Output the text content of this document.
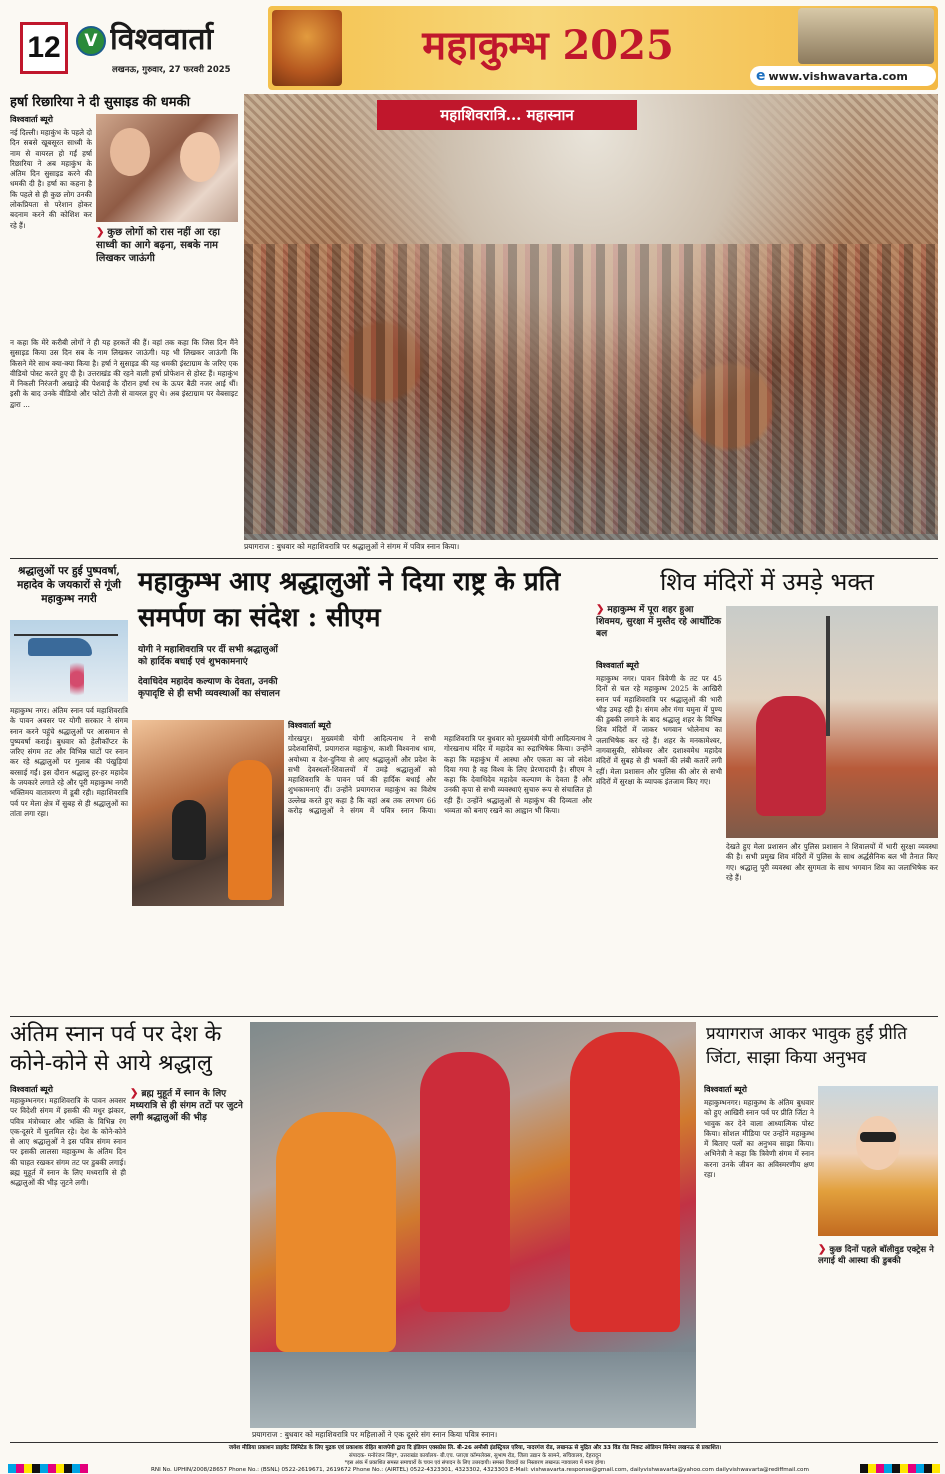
12	V विश्ववार्ता
लखनऊ, गुरुवार, 27 फरवरी 2025
महाकुम्भ 2025
e www.vishwavarta.com
हर्षा रिछारिया ने दी सुसाइड की धमकी
विश्ववार्ता ब्यूरो
नई दिल्ली। महाकुंभ के पहले दो दिन सबसे खूबसूरत साध्वी के नाम से वायरल हो गईं हर्षा रिछारिया ने अब महाकुंभ के अंतिम दिन सुसाइड करने की धमकी दी है। हर्षा का कहना है कि पहले से ही कुछ लोग उनकी लोकप्रियता से परेशान होकर बदनाम करने की कोशिश कर रहे हैं।
❯ कुछ लोगों को रास नहीं आ रहा साध्वी का आगे बढ़ना, सबके नाम लिखकर जाऊंगी
न कहा कि मेरे करीबी लोगों ने ही यह हरकतें की हैं। वहां तक कहा कि जिस दिन मैंने सुसाइड किया उस दिन सब के नाम लिखकर जाऊंगी। यह भी लिखकर जाऊंगी कि किसने मेरे साथ क्या-क्या किया है। हर्षा ने सुसाइड की यह धमकी इंस्टाग्राम के जरिए एक वीडियो पोस्ट करते हुए दी है। उत्तराखंड की रहने वाली हर्षा प्रोफेशन से होस्ट हैं। महाकुंभ में निकली निरंजनी अखाड़े की पेशवाई के दौरान हर्षा रथ के ऊपर बैठी नजर आई थीं। इसी के बाद उनके वीडियो और फोटो तेजी से वायरल हुए थे। अब इंस्टाग्राम पर वेबसाइट द्वारा ...
महाशिवरात्रि... महास्नान
प्रयागराज : बुधवार को महाशिवरात्रि पर श्रद्धालुओं ने संगम में पवित्र स्नान किया।
श्रद्धालुओं पर हुई पुष्पवर्षा, महादेव के जयकारों से गूंजी महाकुम्भ नगरी
महाकुम्भ नगर। अंतिम स्नान पर्व महाशिवरात्रि के पावन अवसर पर योगी सरकार ने संगम स्नान करने पहुंचे श्रद्धालुओं पर आसमान से पुष्पवर्षा कराई। बुधवार को हेलीकॉप्टर के जरिए संगम तट और विभिन्न घाटों पर स्नान कर रहे श्रद्धालुओं पर गुलाब की पंखुड़ियां बरसाई गईं। इस दौरान श्रद्धालु हर-हर महादेव के जयकारे लगाते रहे और पूरी महाकुम्भ नगरी भक्तिमय वातावरण में डूबी रही। महाशिवरात्रि पर्व पर मेला क्षेत्र में सुबह से ही श्रद्धालुओं का तांता लगा रहा।
महाकुम्भ आए श्रद्धालुओं ने दिया राष्ट्र के प्रति समर्पण का संदेश : सीएम
योगी ने महाशिवरात्रि पर दीं सभी श्रद्धालुओं को हार्दिक बधाई एवं शुभकामनाएं
देवाधिदेव महादेव कल्याण के देवता, उनकी कृपादृष्टि से ही सभी व्यवस्थाओं का संचालन
विश्ववार्ता ब्यूरो
गोरखपुर। मुख्यमंत्री योगी आदित्यनाथ ने सभी प्रदेशवासियों, प्रयागराज महाकुंभ, काशी विश्वनाथ धाम, अयोध्या व देश-दुनिया से आए श्रद्धालुओं और प्रदेश के सभी देवस्थलों-शिवालयों में उमड़े श्रद्धालुओं को महाशिवरात्रि के पावन पर्व की हार्दिक बधाई और शुभकामनाएं दीं। उन्होंने प्रयागराज महाकुंभ का विशेष उल्लेख करते हुए कहा है कि वहां अब तक लगभग 66 करोड़ श्रद्धालुओं ने संगम में पवित्र स्नान किया। महाशिवरात्रि पर बुधवार को मुख्यमंत्री योगी आदित्यनाथ ने गोरखनाथ मंदिर में महादेव का रुद्राभिषेक किया। उन्होंने कहा कि महाकुंभ में आस्था और एकता का जो संदेश दिया गया है वह विश्व के लिए प्रेरणादायी है। सीएम ने कहा कि देवाधिदेव महादेव कल्याण के देवता हैं और उनकी कृपा से सभी व्यवस्थाएं सुचारु रूप से संचालित हो रही हैं। उन्होंने श्रद्धालुओं से महाकुंभ की दिव्यता और भव्यता को बनाए रखने का आह्वान भी किया।
शिव मंदिरों में उमड़े भक्त
❯ महाकुम्भ में पूरा शहर हुआ शिवमय, सुरक्षा में मुस्तैद रहे आर्थोंटिक बल
विश्ववार्ता ब्यूरो
महाकुम्भ नगर। पावन त्रिवेणी के तट पर 45 दिनों से चल रहे महाकुम्भ 2025 के आखिरी स्नान पर्व महाशिवरात्रि पर श्रद्धालुओं की भारी भीड़ उमड़ रही है। संगम और गंगा यमुना में पुण्य की डुबकी लगाने के बाद श्रद्धालु शहर के विभिन्न शिव मंदिरों में जाकर भगवान भोलेनाथ का जलाभिषेक कर रहे हैं। शहर के मनकामेश्वर, नागवासुकी, सोमेश्वर और दशाश्वमेध महादेव मंदिरों में सुबह से ही भक्तों की लंबी कतारें लगी रहीं। मेला प्रशासन और पुलिस की ओर से सभी मंदिरों में सुरक्षा के व्यापक इंतजाम किए गए।
देखते हुए मेला प्रशासन और पुलिस प्रशासन ने शिवालयों में भारी सुरक्षा व्यवस्था की है। सभी प्रमुख शिव मंदिरों में पुलिस के साथ अर्द्धसैनिक बल भी तैनात किए गए। श्रद्धालु पूरी व्यवस्था और सुगमता के साथ भगवान शिव का जलाभिषेक कर रहे हैं।
अंतिम स्नान पर्व पर देश के कोने-कोने से आये श्रद्धालु
विश्ववार्ता ब्यूरो
महाकुम्भनगर। महाशिवरात्रि के पावन अवसर पर विदेशी संगम में इसकी की मधुर झंकार, पवित्र मंत्रोच्चार और भक्ति के विभिन्न रंग एक-दूसरे में घुलमिल रहे। देश के कोने-कोने से आए श्रद्धालुओं ने इस पवित्र संगम स्नान पर इसकी लालसा महाकुम्भ के अंतिम दिन की चाहत रखकर संगम तट पर डुबकी लगाई। ब्रह्म मुहूर्त में स्नान के लिए मध्यरात्रि से ही श्रद्धालुओं की भीड़ जुटने लगी।
❯ ब्रह्म मुहूर्त में स्नान के लिए मध्यरात्रि से ही संगम तटों पर जुटने लगी श्रद्धालुओं की भीड़
प्रयागराज : बुधवार को महाशिवरात्रि पर महिलाओं ने एक दूसरे संग स्नान किया पवित्र स्नान।
प्रयागराज आकर भावुक हुईं प्रीति जिंटा, साझा किया अनुभव
विश्ववार्ता ब्यूरो
महाकुम्भनगर। महाकुम्भ के अंतिम बुधवार को हुए आखिरी स्नान पर्व पर प्रीति जिंटा ने भावुक कर देने वाला आध्यात्मिक पोस्ट किया। सोशल मीडिया पर उन्होंने महाकुम्भ में बिताए पलों का अनुभव साझा किया। अभिनेत्री ने कहा कि त्रिवेणी संगम में स्नान करना उनके जीवन का अविस्मरणीय क्षण रहा।
❯ कुछ दिनों पहले बॉलीवुड एक्ट्रेस ने लगाई थी आस्था की डुबकी
जयेश मीडिया प्रकाशन प्राइवेट लिमिटेड के लिए मुद्रक एवं प्रकाशक रोहित बाजपेयी द्वारा दि इंडियन एक्सप्रेस लि. बी-26 अमौसी इंडस्ट्रियल एरिया, नादरगंज रोड, लखनऊ से मुद्रित और 33 विंड रोड निकट ओडियन सिनेमा लखनऊ से प्रकाशित।
संपादक- मनोरंजन सिंह*, उत्तराखंड कार्यालय- बी.एच. प्लाज़ा कॉम्पलेक्स, सुभाष रोड, जिला उद्यान के सामने, सचिवालय, देहरादून
*इस अंक में प्रकाशित समस्त समाचारों के चयन एवं संपादन के लिए उत्तरदायी। समस्त विवादों का निस्तारण लखनऊ न्यायालय में मान्य होगा।
RNI No. UPHIN/2008/28657 Phone No.: (BSNL) 0522-2619671, 2619672 Phone No.: (AIRTEL) 0522-4323301, 4323302, 4323303 E-Mail: vishwavarta.response@gmail.com, dailyvishwavarta@yahoo.com dailyvishwavarta@rediffmail.com
